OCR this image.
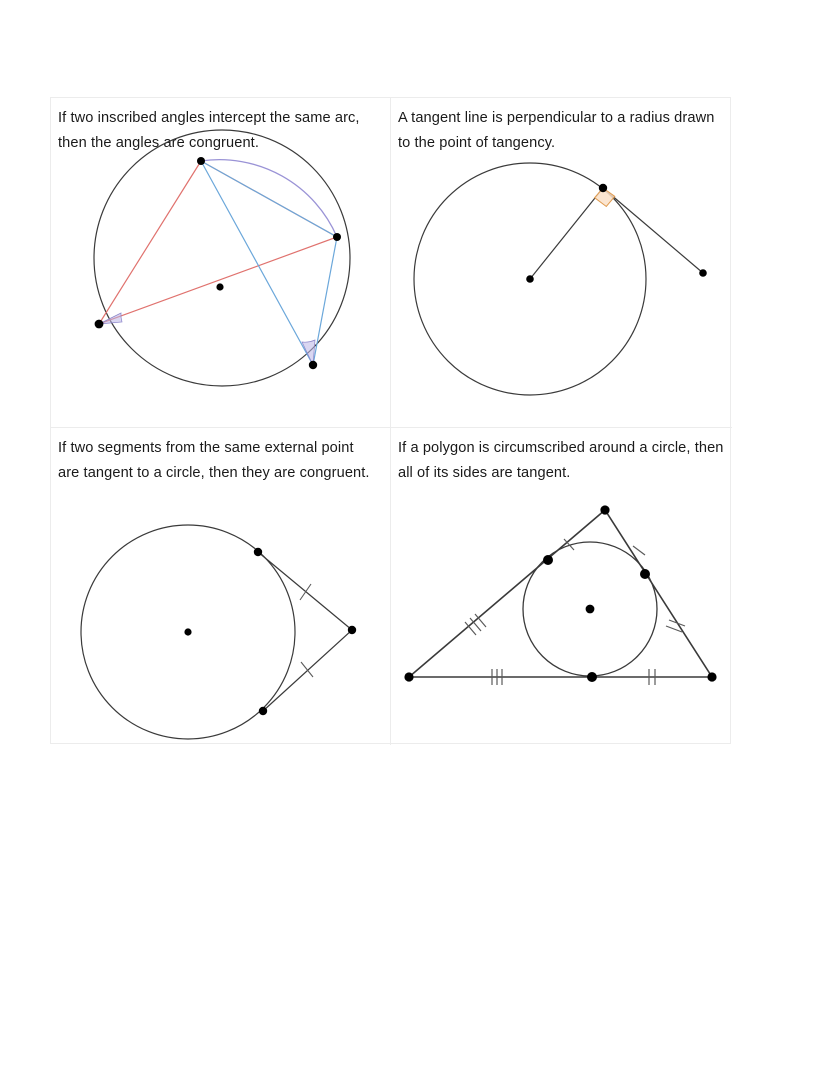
If two inscribed angles intercept the same arc, then the angles are congruent.
A tangent line is perpendicular to a radius drawn to the point of tangency.
If two segments from the same external point are tangent to a circle, then they are congruent.
If a polygon is circumscribed around a circle, then all of its sides are tangent.
